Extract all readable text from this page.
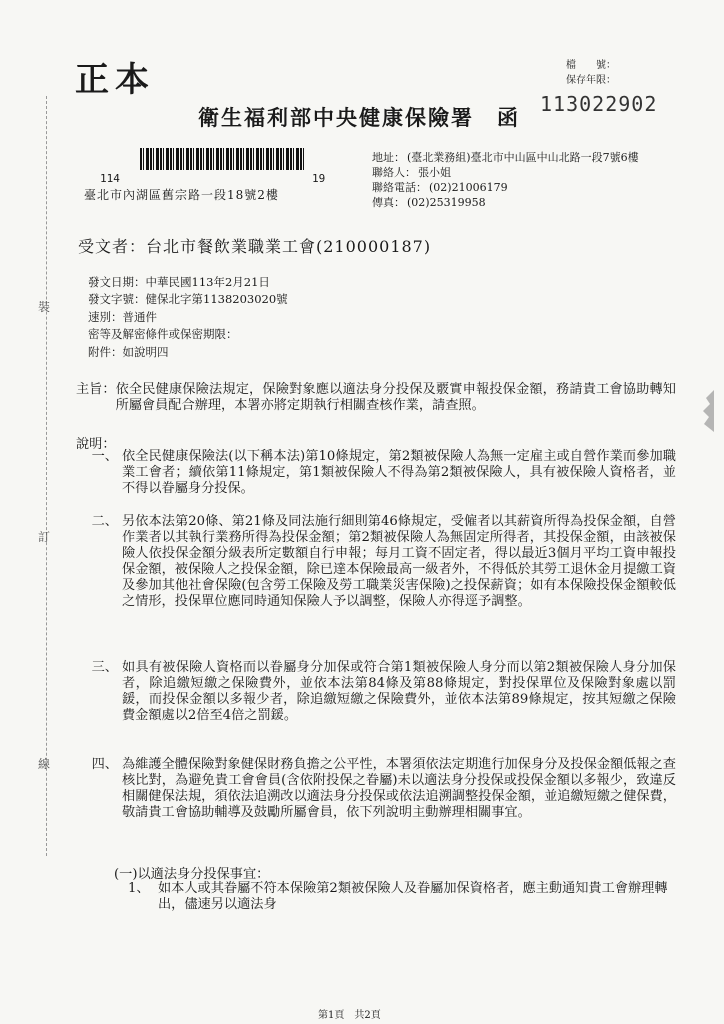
正本	檔　　號：
保存年限：
113022902
衛生福利部中央健康保險署　函
114	19
臺北市內湖區舊宗路一段18號2樓
地址： (臺北業務組)臺北市中山區中山北路一段7號6樓
聯絡人： 張小姐
聯絡電話： (02)21006179
傳真： (02)25319958
受文者：台北市餐飲業職業工會(210000187)
發文日期：中華民國113年2月21日
發文字號：健保北字第1138203020號
速別：普通件
密等及解密條件或保密期限：
附件：如說明四
主旨： 依全民健康保險法規定，保險對象應以適法身分投保及覈實申報投保金額，務請貴工會協助轉知所屬會員配合辦理，本署亦將定期執行相關查核作業，請查照。
說明：
一、 依全民健康保險法(以下稱本法)第10條規定，第2類被保險人為無一定雇主或自營作業而參加職業工會者；續依第11條規定，第1類被保險人不得為第2類被保險人，具有被保險人資格者，並不得以眷屬身分投保。
二、 另依本法第20條、第21條及同法施行細則第46條規定，受僱者以其薪資所得為投保金額，自營作業者以其執行業務所得為投保金額；第2類被保險人為無固定所得者，其投保金額，由該被保險人依投保金額分級表所定數額自行申報；每月工資不固定者，得以最近3個月平均工資申報投保金額，被保險人之投保金額，除已達本保險最高一級者外，不得低於其勞工退休金月提繳工資及參加其他社會保險(包含勞工保險及勞工職業災害保險)之投保薪資；如有本保險投保金額較低之情形，投保單位應同時通知保險人予以調整，保險人亦得逕予調整。
三、 如具有被保險人資格而以眷屬身分加保或符合第1類被保險人身分而以第2類被保險人身分加保者，除追繳短繳之保險費外，並依本法第84條及第88條規定，對投保單位及保險對象處以罰鍰，而投保金額以多報少者，除追繳短繳之保險費外，並依本法第89條規定，按其短繳之保險費金額處以2倍至4倍之罰鍰。
四、 為維護全體保險對象健保財務負擔之公平性，本署須依法定期進行加保身分及投保金額低報之查核比對，為避免貴工會會員(含依附投保之眷屬)未以適法身分投保或投保金額以多報少，致違反相關健保法規，須依法追溯改以適法身分投保或依法追溯調整投保金額，並追繳短繳之健保費，敬請貴工會協助輔導及鼓勵所屬會員，依下列說明主動辦理相關事宜。
(一)以適法身分投保事宜：
1、 如本人或其眷屬不符本保險第2類被保險人及眷屬加保資格者，應主動通知貴工會辦理轉出，儘速另以適法身
裝
訂
線
第1頁　共2頁
